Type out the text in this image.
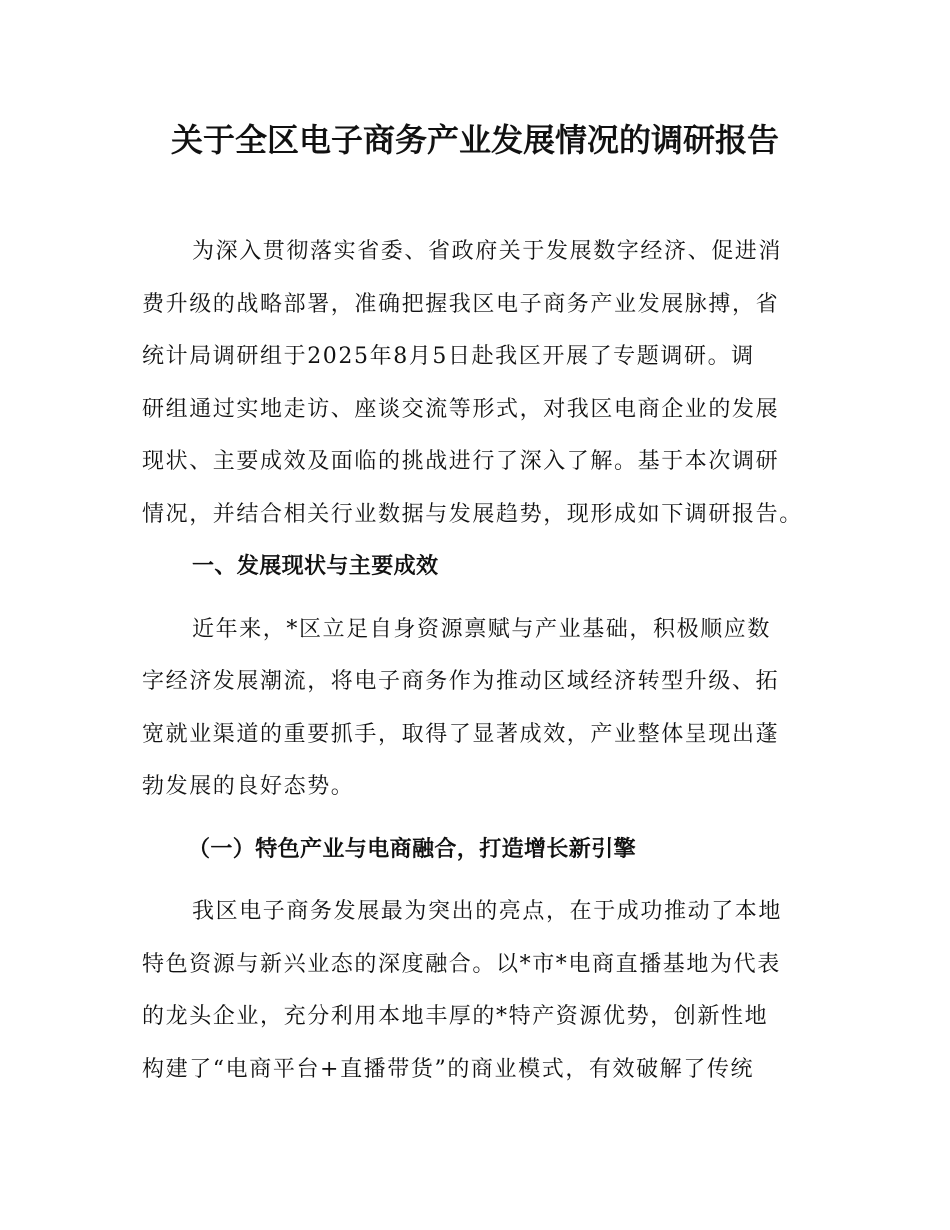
关于全区电子商务产业发展情况的调研报告
为深入贯彻落实省委、省政府关于发展数字经济、促进消
费升级的战略部署，准确把握我区电子商务产业发展脉搏，省
统计局调研组于2025年8月5日赴我区开展了专题调研。调
研组通过实地走访、座谈交流等形式，对我区电商企业的发展
现状、主要成效及面临的挑战进行了深入了解。基于本次调研
情况，并结合相关行业数据与发展趋势，现形成如下调研报告。
一、发展现状与主要成效
近年来，*区立足自身资源禀赋与产业基础，积极顺应数
字经济发展潮流，将电子商务作为推动区域经济转型升级、拓
宽就业渠道的重要抓手，取得了显著成效，产业整体呈现出蓬
勃发展的良好态势。
（一）特色产业与电商融合，打造增长新引擎
我区电子商务发展最为突出的亮点，在于成功推动了本地
特色资源与新兴业态的深度融合。以*市*电商直播基地为代表
的龙头企业，充分利用本地丰厚的*特产资源优势，创新性地
构建了“电商平台+直播带货”的商业模式，有效破解了传统
